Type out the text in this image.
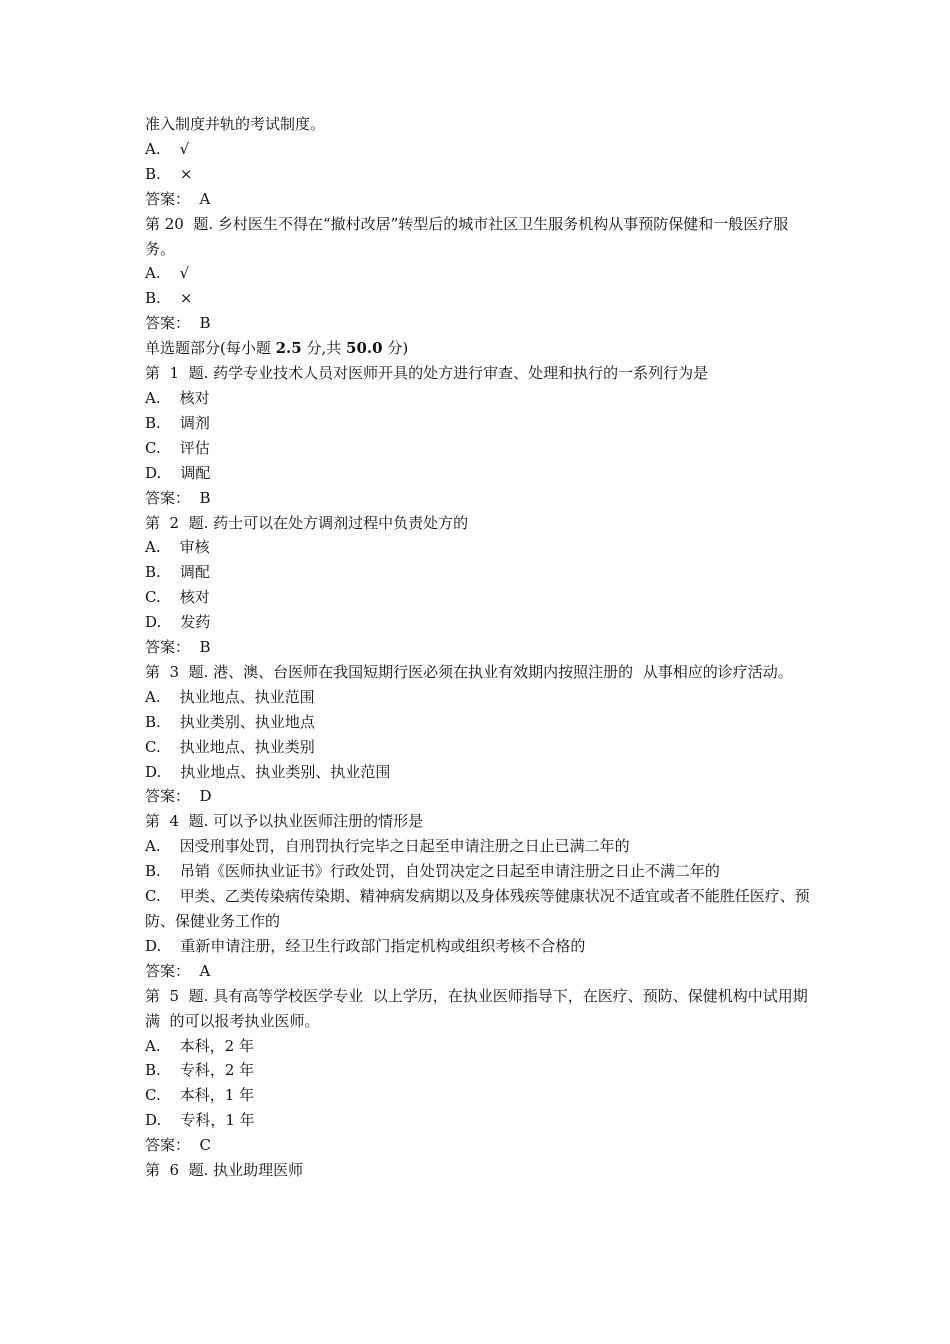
准入制度并轨的考试制度。
A.    √
B.    ×
答案：  A
第 20  题. 乡村医生不得在“撤村改居”转型后的城市社区卫生服务机构从事预防保健和一般医疗服务。
A.    √
B.    ×
答案：  B
单选题部分(每小题 2.5 分,共 50.0 分)
第  1  题. 药学专业技术人员对医师开具的处方进行审查、处理和执行的一系列行为是
A.    核对
B.    调剂
C.    评估
D.    调配
答案：  B
第  2  题. 药士可以在处方调剂过程中负责处方的
A.    审核
B.    调配
C.    核对
D.    发药
答案：  B
第  3  题. 港、澳、台医师在我国短期行医必须在执业有效期内按照注册的  从事相应的诊疗活动。
A.    执业地点、执业范围
B.    执业类别、执业地点
C.    执业地点、执业类别
D.    执业地点、执业类别、执业范围
答案：  D
第  4  题. 可以予以执业医师注册的情形是
A.    因受刑事处罚，自刑罚执行完毕之日起至申请注册之日止已满二年的
B.    吊销《医师执业证书》行政处罚，自处罚决定之日起至申请注册之日止不满二年的
C.    甲类、乙类传染病传染期、精神病发病期以及身体残疾等健康状况不适宜或者不能胜任医疗、预防、保健业务工作的
D.    重新申请注册，经卫生行政部门指定机构或组织考核不合格的
答案：  A
第  5  题. 具有高等学校医学专业  以上学历，在执业医师指导下，在医疗、预防、保健机构中试用期满  的可以报考执业医师。
A.    本科，2 年
B.    专科，2 年
C.    本科，1 年
D.    专科，1 年
答案：  C
第  6  题. 执业助理医师
